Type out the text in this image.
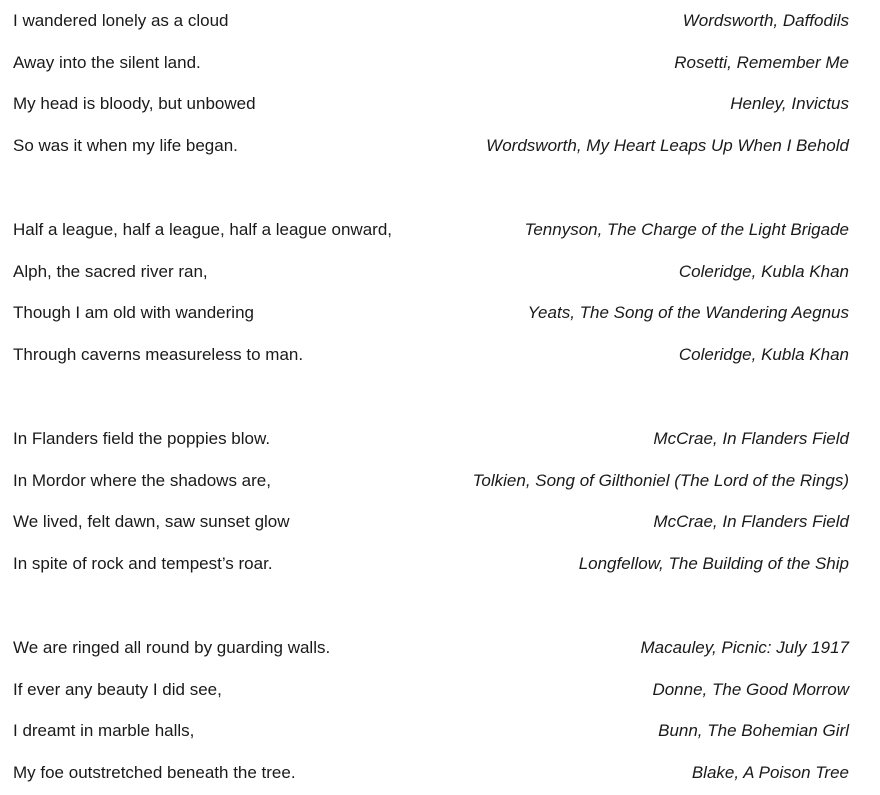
I wandered lonely as a cloud	Wordsworth, Daffodils
Away into the silent land.	Rosetti, Remember Me
My head is bloody, but unbowed	Henley, Invictus
So was it when my life began.	Wordsworth, My Heart Leaps Up When I Behold
Half a league, half a league, half a league onward,	Tennyson, The Charge of the Light Brigade
Alph, the sacred river ran,	Coleridge, Kubla Khan
Though I am old with wandering	Yeats, The Song of the Wandering Aegnus
Through caverns measureless to man.	Coleridge, Kubla Khan
In Flanders field the poppies blow.	McCrae, In Flanders Field
In Mordor where the shadows are,	Tolkien, Song of Gilthoniel (The Lord of the Rings)
We lived, felt dawn, saw sunset glow	McCrae, In Flanders Field
In spite of rock and tempest’s roar.	Longfellow, The Building of the Ship
We are ringed all round by guarding walls.	Macauley, Picnic: July 1917
If ever any beauty I did see,	Donne, The Good Morrow
I dreamt in marble halls,	Bunn, The Bohemian Girl
My foe outstretched beneath the tree.	Blake, A Poison Tree
